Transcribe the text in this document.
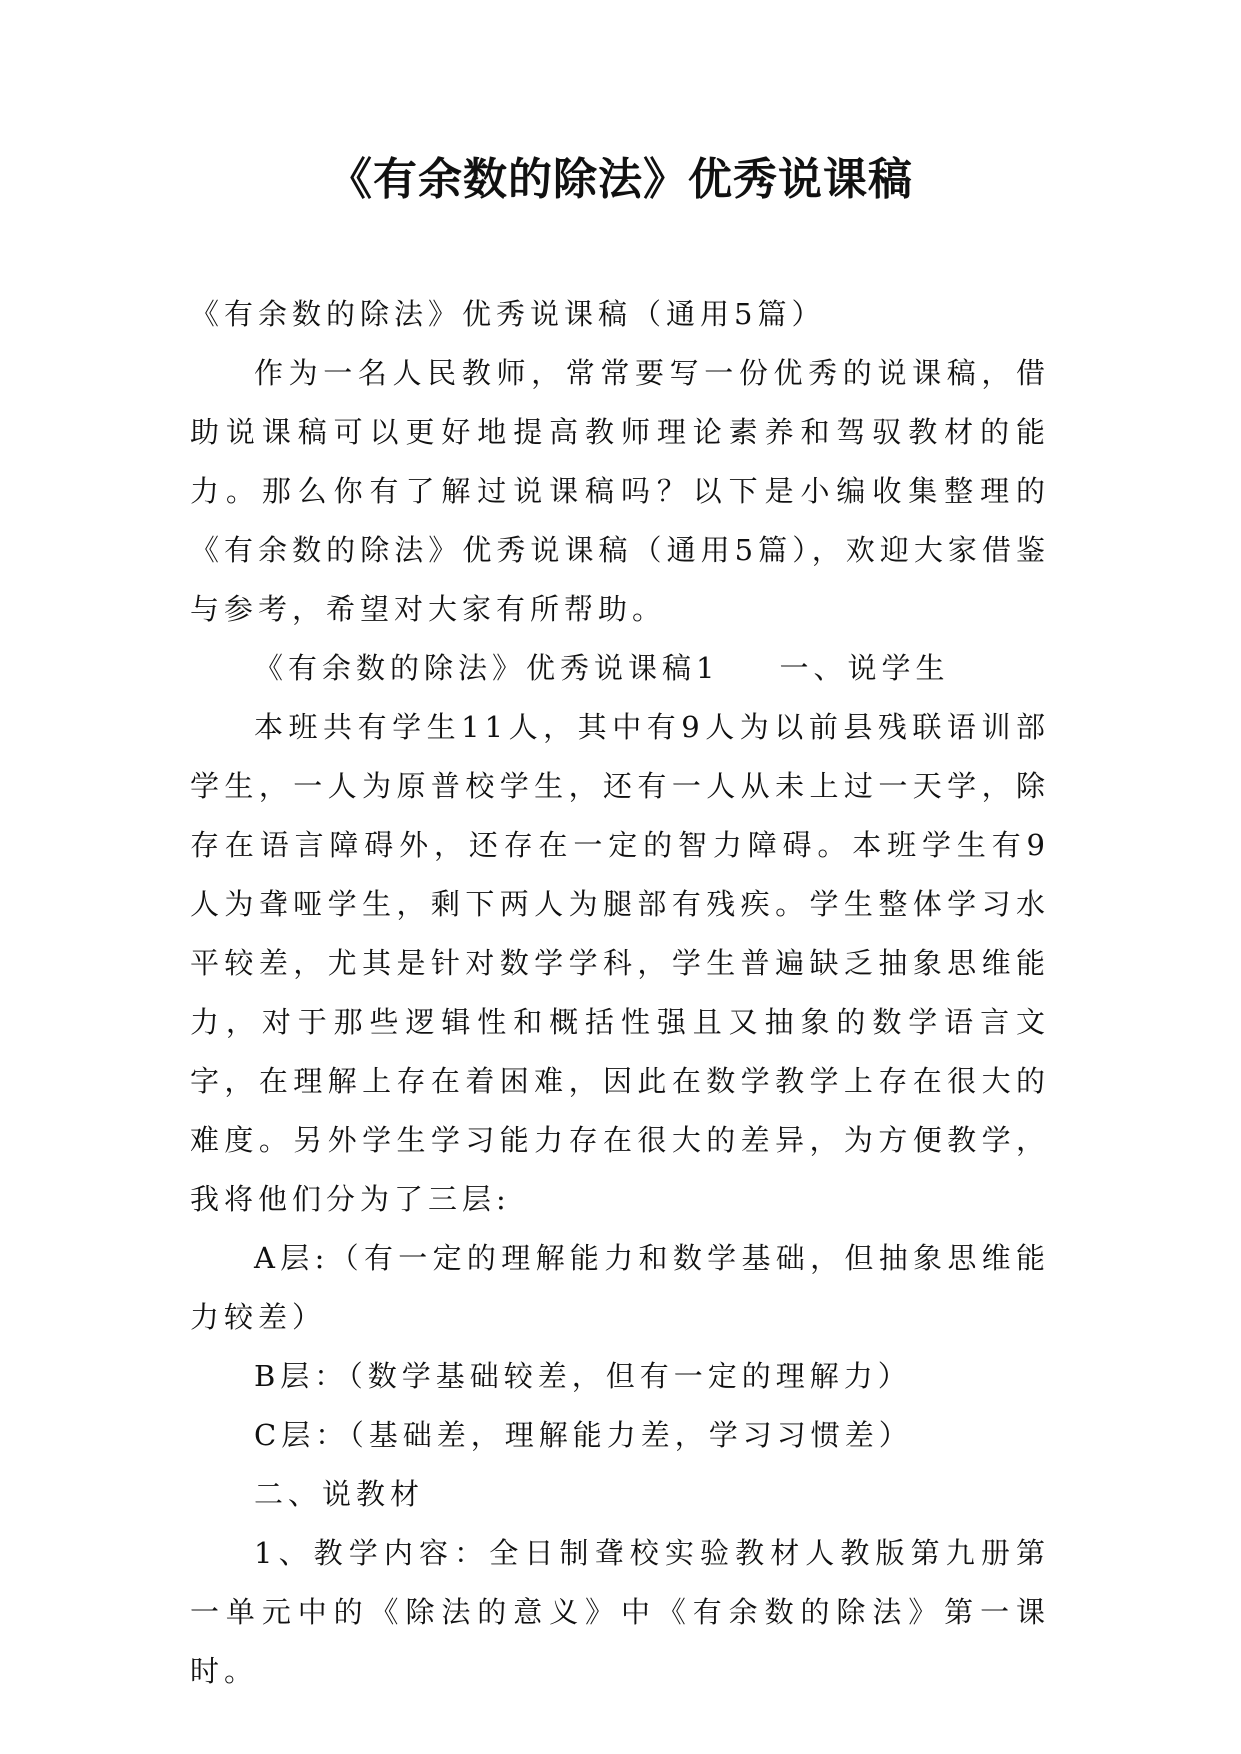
《有余数的除法》优秀说课稿

《有余数的除法》优秀说课稿（通用5篇）

作为一名人民教师，常常要写一份优秀的说课稿，借助说课稿可以更好地提高教师理论素养和驾驭教材的能力。那么你有了解过说课稿吗？以下是小编收集整理的《有余数的除法》优秀说课稿（通用5篇），欢迎大家借鉴与参考，希望对大家有所帮助。

《有余数的除法》优秀说课稿1 一、说学生

本班共有学生11人，其中有9人为以前县残联语训部学生，一人为原普校学生，还有一人从未上过一天学，除存在语言障碍外，还存在一定的智力障碍。本班学生有9人为聋哑学生，剩下两人为腿部有残疾。学生整体学习水平较差，尤其是针对数学学科，学生普遍缺乏抽象思维能力，对于那些逻辑性和概括性强且又抽象的数学语言文字，在理解上存在着困难，因此在数学教学上存在很大的难度。另外学生学习能力存在很大的差异，为方便教学，我将他们分为了三层:

A层:（有一定的理解能力和数学基础，但抽象思维能力较差）

B层：（数学基础较差，但有一定的理解力）

C层：（基础差，理解能力差，学习习惯差）

二、说教材

1、教学内容：全日制聋校实验教材人教版第九册第一单元中的《除法的意义》中《有余数的除法》第一课时。
